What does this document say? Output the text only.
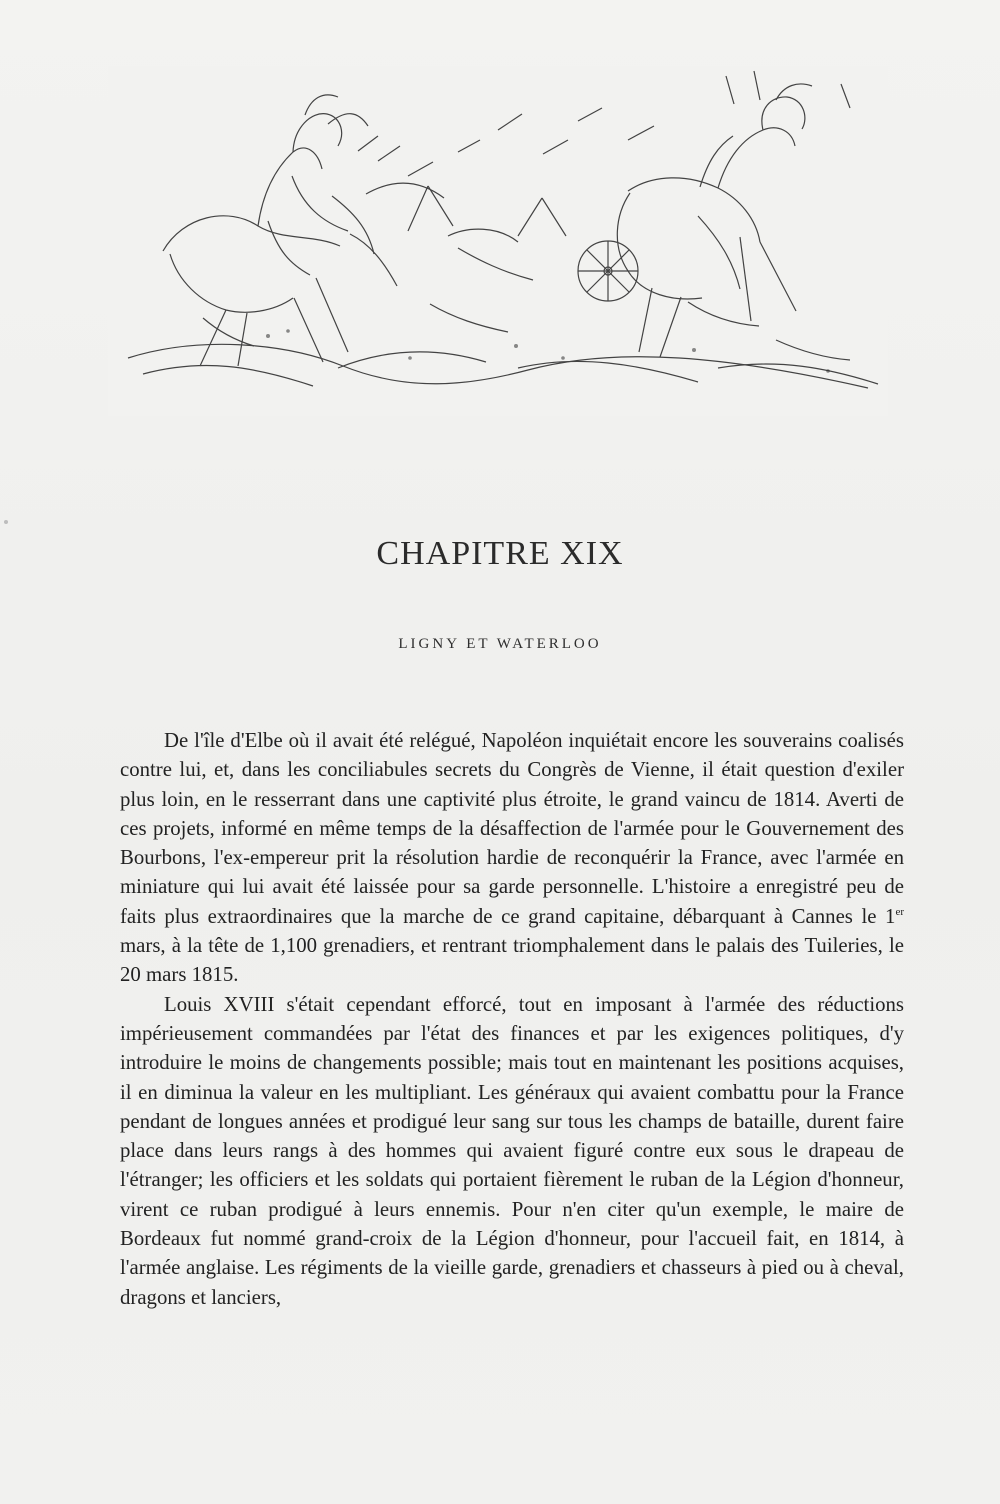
CHAPITRE XIX
LIGNY ET WATERLOO

De l'île d'Elbe où il avait été relégué, Napoléon inquiétait encore les souverains coalisés contre lui, et, dans les conciliabules secrets du Congrès de Vienne, il était question d'exiler plus loin, en le resserrant dans une captivité plus étroite, le grand vaincu de 1814. Averti de ces projets, informé en même temps de la désaffection de l'armée pour le Gouvernement des Bourbons, l'ex-empereur prit la résolution hardie de reconquérir la France, avec l'armée en miniature qui lui avait été laissée pour sa garde personnelle. L'histoire a enregistré peu de faits plus extraordinaires que la marche de ce grand capitaine, débarquant à Cannes le 1er mars, à la tête de 1,100 grenadiers, et rentrant triomphalement dans le palais des Tuileries, le 20 mars 1815.

Louis XVIII s'était cependant efforcé, tout en imposant à l'armée des réductions impérieusement commandées par l'état des finances et par les exigences politiques, d'y introduire le moins de changements possible; mais tout en maintenant les positions acquises, il en diminua la valeur en les multipliant. Les généraux qui avaient combattu pour la France pendant de longues années et prodigué leur sang sur tous les champs de bataille, durent faire place dans leurs rangs à des hommes qui avaient figuré contre eux sous le drapeau de l'étranger; les officiers et les soldats qui portaient fièrement le ruban de la Légion d'honneur, virent ce ruban prodigué à leurs ennemis. Pour n'en citer qu'un exemple, le maire de Bordeaux fut nommé grand-croix de la Légion d'honneur, pour l'accueil fait, en 1814, à l'armée anglaise. Les régiments de la vieille garde, grenadiers et chasseurs à pied ou à cheval, dragons et lanciers,
